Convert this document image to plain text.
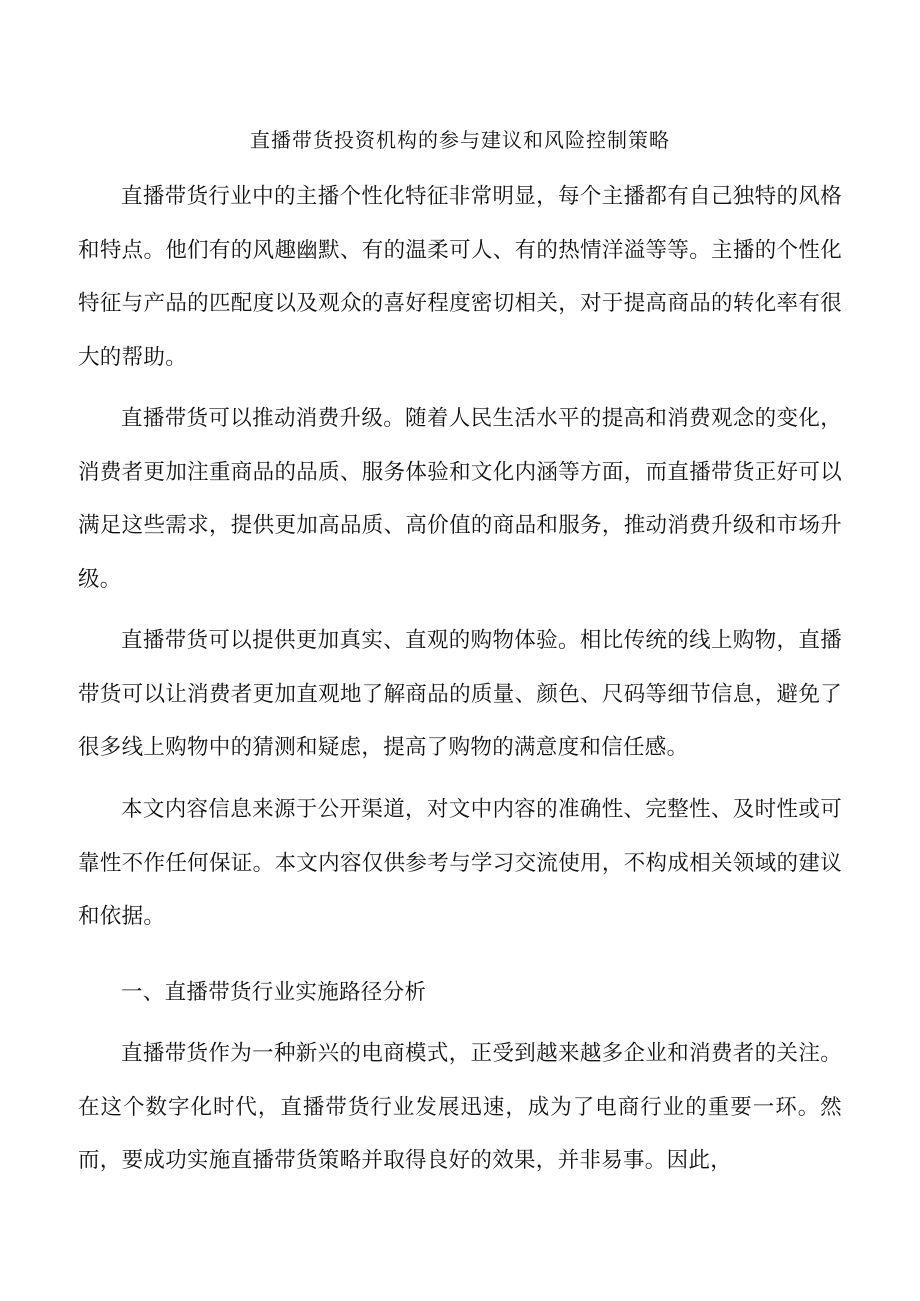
直播带货投资机构的参与建议和风险控制策略

直播带货行业中的主播个性化特征非常明显，每个主播都有自己独特的风格和特点。他们有的风趣幽默、有的温柔可人、有的热情洋溢等等。主播的个性化特征与产品的匹配度以及观众的喜好程度密切相关，对于提高商品的转化率有很大的帮助。

直播带货可以推动消费升级。随着人民生活水平的提高和消费观念的变化，消费者更加注重商品的品质、服务体验和文化内涵等方面，而直播带货正好可以满足这些需求，提供更加高品质、高价值的商品和服务，推动消费升级和市场升级。

直播带货可以提供更加真实、直观的购物体验。相比传统的线上购物，直播带货可以让消费者更加直观地了解商品的质量、颜色、尺码等细节信息，避免了很多线上购物中的猜测和疑虑，提高了购物的满意度和信任感。

本文内容信息来源于公开渠道，对文中内容的准确性、完整性、及时性或可靠性不作任何保证。本文内容仅供参考与学习交流使用，不构成相关领域的建议和依据。

一、直播带货行业实施路径分析

直播带货作为一种新兴的电商模式，正受到越来越多企业和消费者的关注。在这个数字化时代，直播带货行业发展迅速，成为了电商行业的重要一环。然而，要成功实施直播带货策略并取得良好的效果，并非易事。因此，
